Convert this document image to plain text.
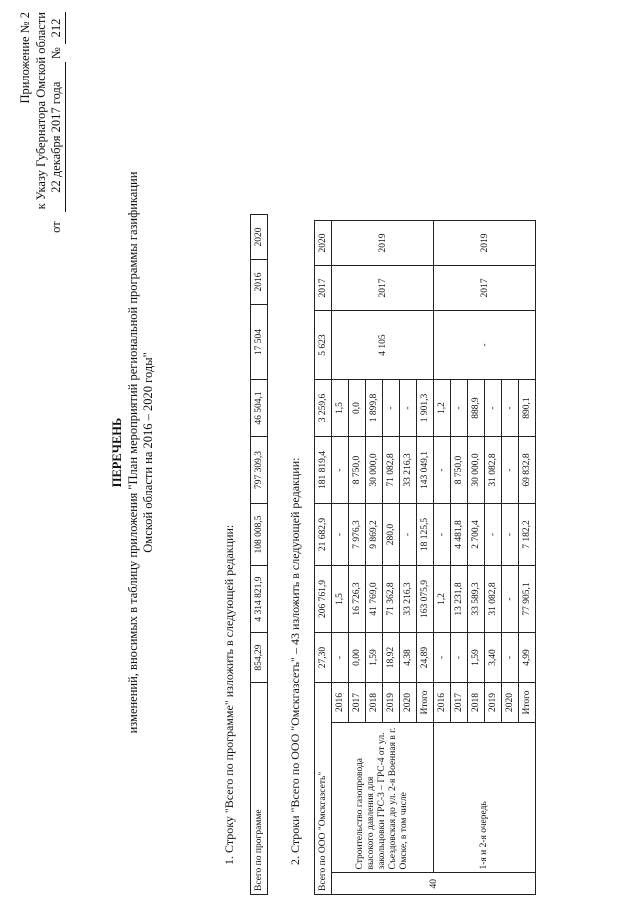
Приложение № 2 к Указу Губернатора Омской области
от 22 декабря 2017 года № 212
ПЕРЕЧЕНЬ изменений, вносимых в таблицу приложения "План мероприятий региональной программы газификации Омской области на 2016 – 2020 годы"
1. Строку "Всего по программе" изложить в следующей редакции: Всего по программе	854,29	4 314 821,9	108 008,5	797 309,3	46 504,1	17 504	2016	2020
2. Строки "Всего по ООО "Омскгазсеть" – 43 изложить в следующей редакции: Всего по ООО "Омскгазсеть"			27,30	206 761,9	21 682,9	181 819,4	3 259,6	5 623	2017	2020
40	Строительство газопровода высокого давления для закольцовки ГРС-3 – ГРС-4 от ул. Съездовская до ул. 2-я Военная в г. Омске, в том числе	2016	-	1,5	-	-	1,5	4 105	2017	2019
		2017	0,00	16 726,3	7 976,3	8 750,0	0,0			
		2018	1,59	41 769,0	9 869,2	30 000,0	1 899,8			
		2019	18,92	71 362,8	280,0	71 082,8	-			
		2020	4,38	33 216,3	-	33 216,3	-			
		Итого	24,89	163 075,9	18 125,5	143 049,1	1 901,3			
	1-я и 2-я очередь	2016	-	1,2	-	-	1,2	-	2017	2019
		2017	-	13 231,8	4 481,8	8 750,0	-			
		2018	1,59	33 589,3	2 700,4	30 000,0	888,9			
		2019	3,40	31 082,8	-	31 082,8	-			
		2020	-	-	-	-	-			
		Итого	4,99	77 905,1	7 182,2	69 832,8	890,1			
